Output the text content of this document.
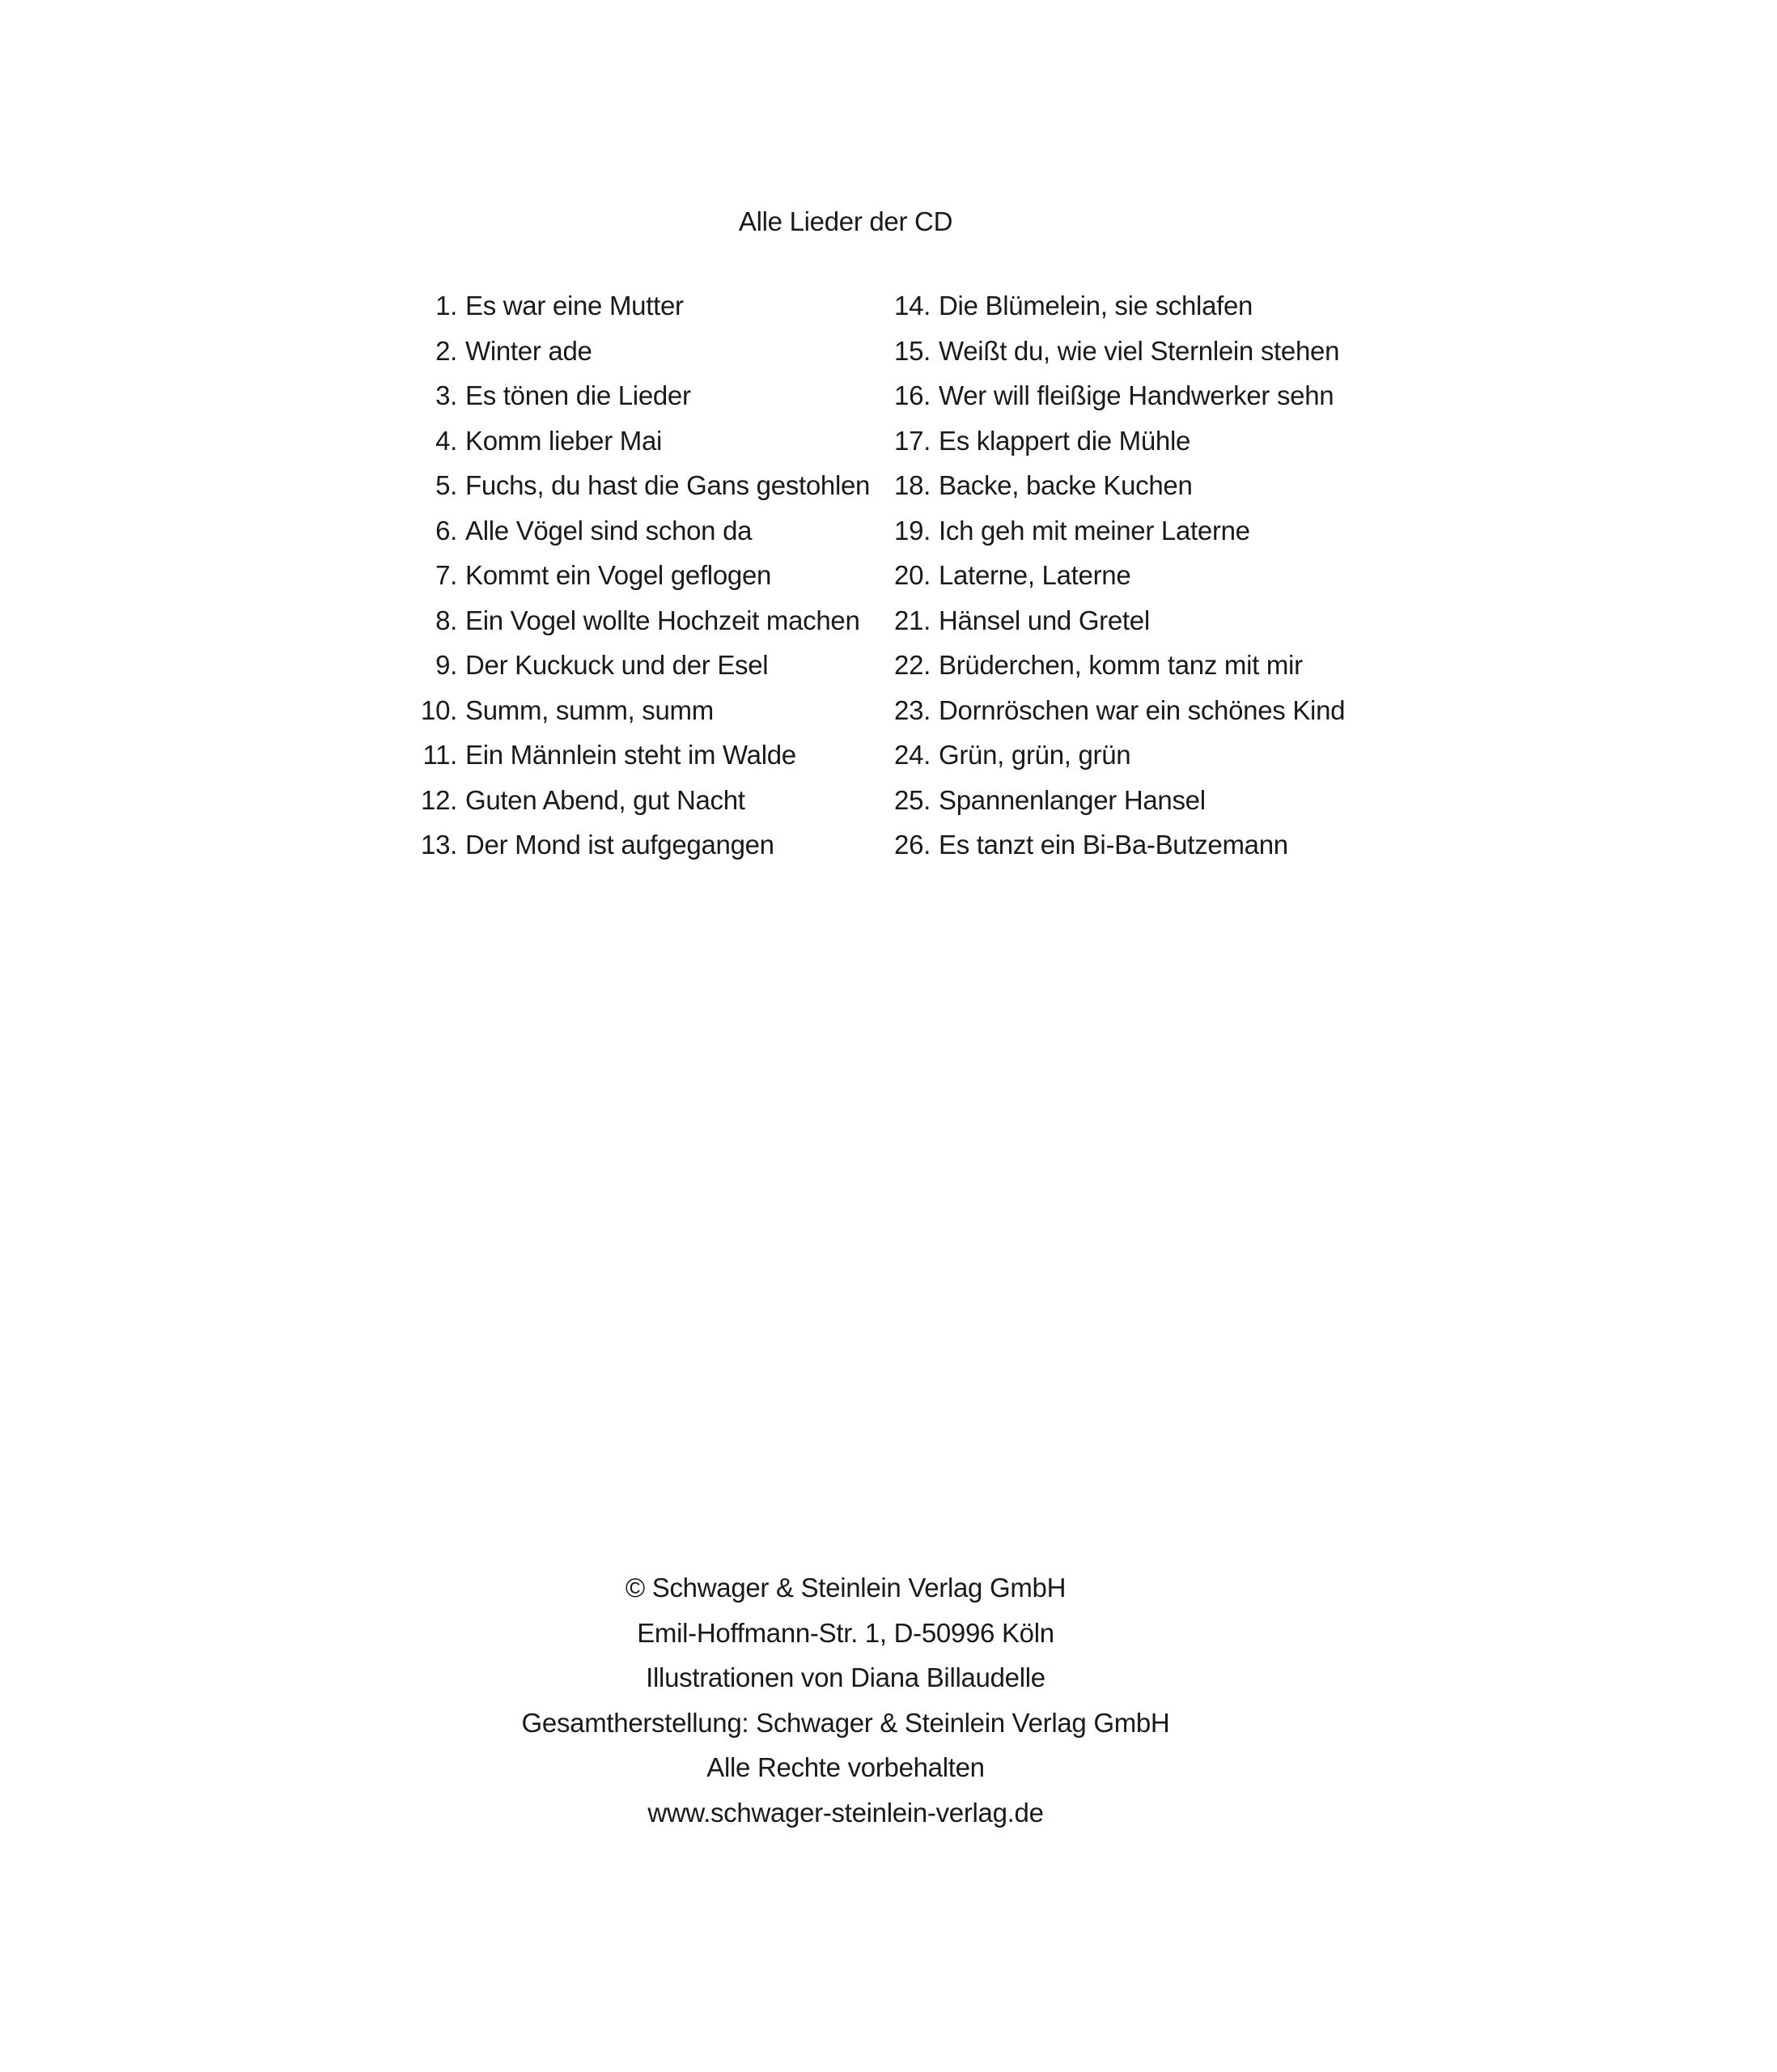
Alle Lieder der CD
1. Es war eine Mutter
2. Winter ade
3. Es tönen die Lieder
4. Komm lieber Mai
5. Fuchs, du hast die Gans gestohlen
6. Alle Vögel sind schon da
7. Kommt ein Vogel geflogen
8. Ein Vogel wollte Hochzeit machen
9. Der Kuckuck und der Esel
10. Summ, summ, summ
11. Ein Männlein steht im Walde
12. Guten Abend, gut Nacht
13. Der Mond ist aufgegangen
14. Die Blümelein, sie schlafen
15. Weißt du, wie viel Sternlein stehen
16. Wer will fleißige Handwerker sehn
17. Es klappert die Mühle
18. Backe, backe Kuchen
19. Ich geh mit meiner Laterne
20. Laterne, Laterne
21. Hänsel und Gretel
22. Brüderchen, komm tanz mit mir
23. Dornröschen war ein schönes Kind
24. Grün, grün, grün
25. Spannenlanger Hansel
26. Es tanzt ein Bi-Ba-Butzemann
© Schwager & Steinlein Verlag GmbH
Emil-Hoffmann-Str. 1, D-50996 Köln
Illustrationen von Diana Billaudelle
Gesamtherstellung: Schwager & Steinlein Verlag GmbH
Alle Rechte vorbehalten
www.schwager-steinlein-verlag.de
